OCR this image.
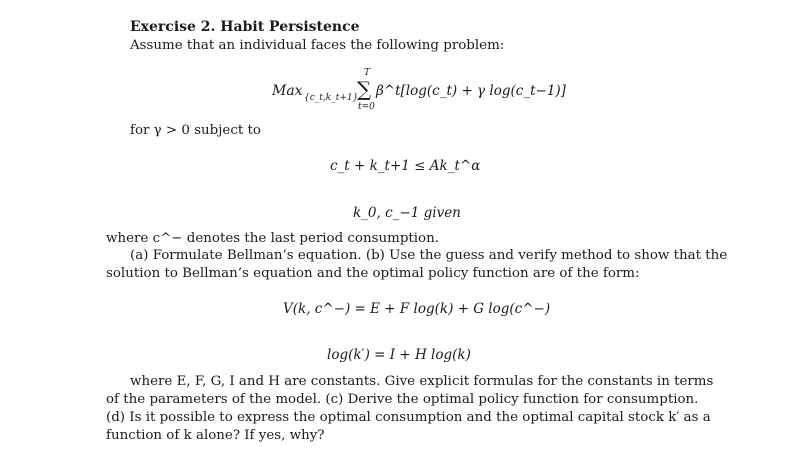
Exercise 2. Habit Persistence
Assume that an individual faces the following problem:
Max {c_t,k_t+1}
T
∑
t=0
β^t[log(c_t) + γ log(c_t−1)]
for γ > 0 subject to
c_t + k_t+1 ≤ Ak_t^α
k_0, c_−1 given
where c^− denotes the last period consumption.
(a) Formulate Bellman’s equation. (b) Use the guess and verify method to show that the
solution to Bellman’s equation and the optimal policy function are of the form:
V(k, c^−) = E + F log(k) + G log(c^−)
log(k′) = I + H log(k)
where E, F, G, I and H are constants. Give explicit formulas for the constants in terms
of the parameters of the model. (c) Derive the optimal policy function for consumption.
(d) Is it possible to express the optimal consumption and the optimal capital stock k′ as a
function of k alone? If yes, why?
